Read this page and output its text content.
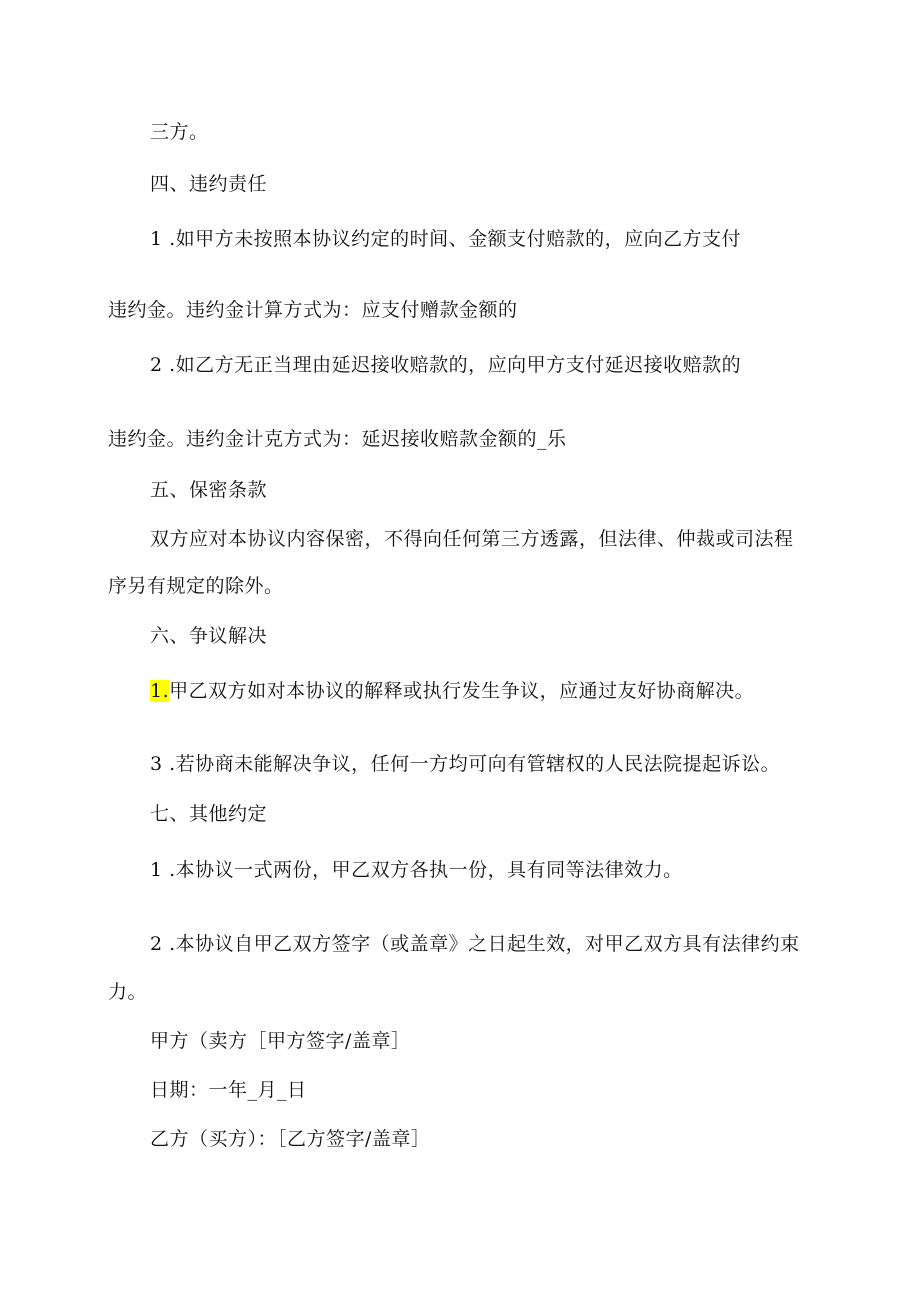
三方。
四、违约责任
1 .如甲方未按照本协议约定的时间、金额支付赔款的，应向乙方支付
违约金。违约金计算方式为：应支付赠款金额的
2 .如乙方无正当理由延迟接收赔款的，应向甲方支付延迟接收赔款的
违约金。违约金计克方式为：延迟接收赔款金额的_乐
五、保密条款
双方应对本协议内容保密，不得向任何第三方透露，但法律、仲裁或司法程
序另有规定的除外。
六、争议解决
1.甲乙双方如对本协议的解释或执行发生争议，应通过友好协商解决。
3 .若协商未能解决争议，任何一方均可向有管辖权的人民法院提起诉讼。
七、其他约定
1 .本协议一式两份，甲乙双方各执一份，具有同等法律效力。
2 .本协议自甲乙双方签字（或盖章》之日起生效，对甲乙双方具有法律约束
力。
甲方（卖方［甲方签字/盖章］
日期：一年_月_日
乙方（买方）：［乙方签字/盖章］
